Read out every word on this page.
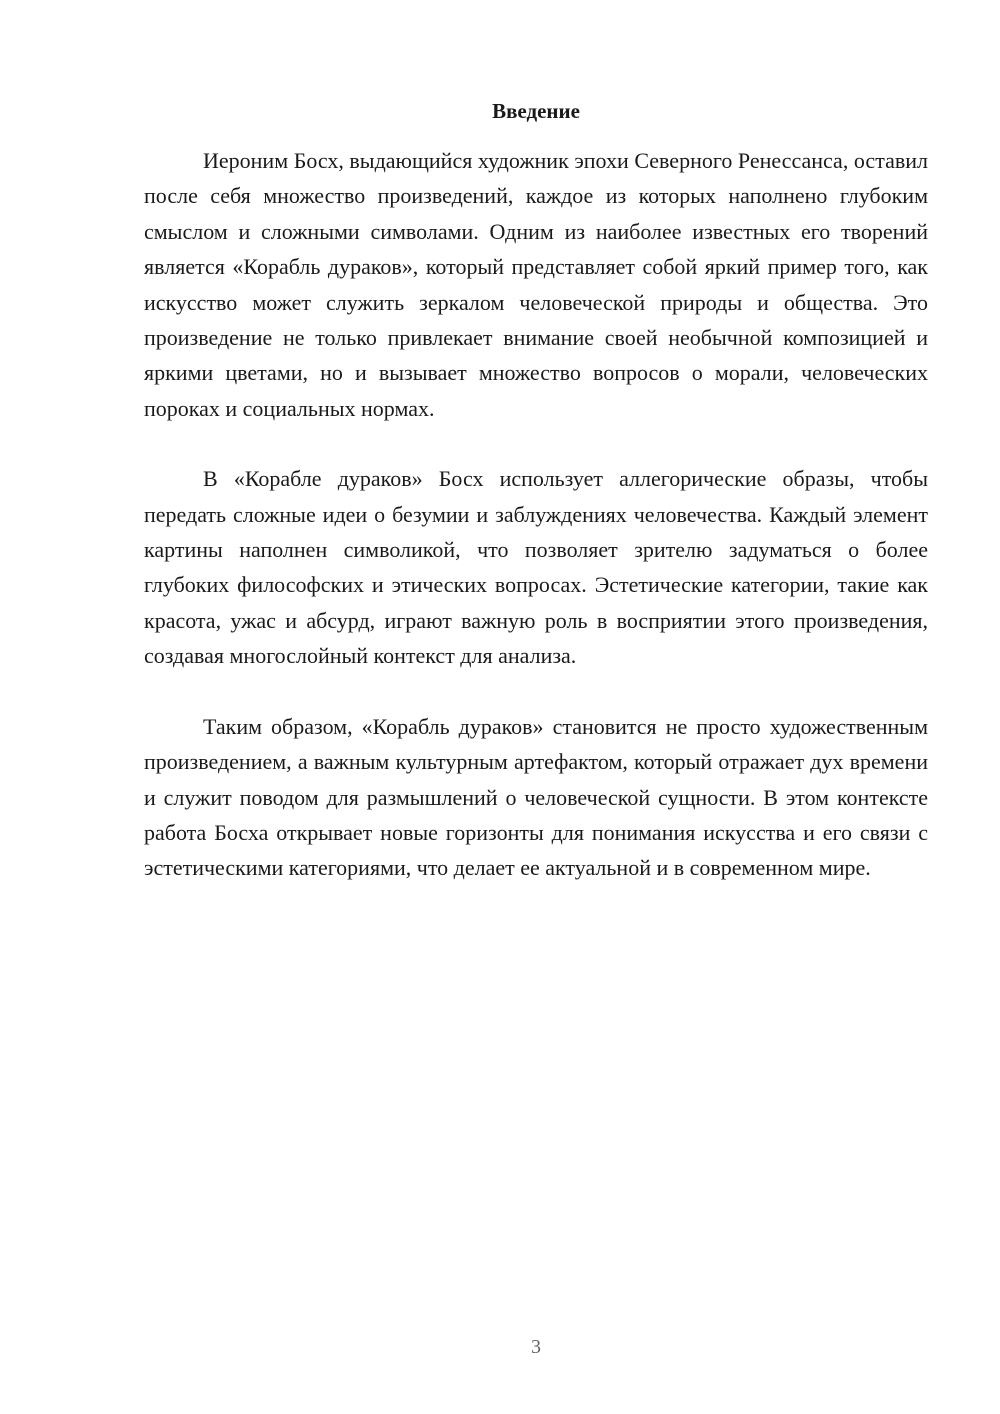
Введение

Иероним Босх, выдающийся художник эпохи Северного Ренессанса, оставил после себя множество произведений, каждое из которых наполнено глубоким смыслом и сложными символами. Одним из наиболее известных его творений является «Корабль дураков», который представляет собой яркий пример того, как искусство может служить зеркалом человеческой природы и общества. Это произведение не только привлекает внимание своей необычной композицией и яркими цветами, но и вызывает множество вопросов о морали, человеческих пороках и социальных нормах.

В «Корабле дураков» Босх использует аллегорические образы, чтобы передать сложные идеи о безумии и заблуждениях человечества. Каждый элемент картины наполнен символикой, что позволяет зрителю задуматься о более глубоких философских и этических вопросах. Эстетические категории, такие как красота, ужас и абсурд, играют важную роль в восприятии этого произведения, создавая многослойный контекст для анализа.

Таким образом, «Корабль дураков» становится не просто художественным произведением, а важным культурным артефактом, который отражает дух времени и служит поводом для размышлений о человеческой сущности. В этом контексте работа Босха открывает новые горизонты для понимания искусства и его связи с эстетическими категориями, что делает ее актуальной и в современном мире.

3
